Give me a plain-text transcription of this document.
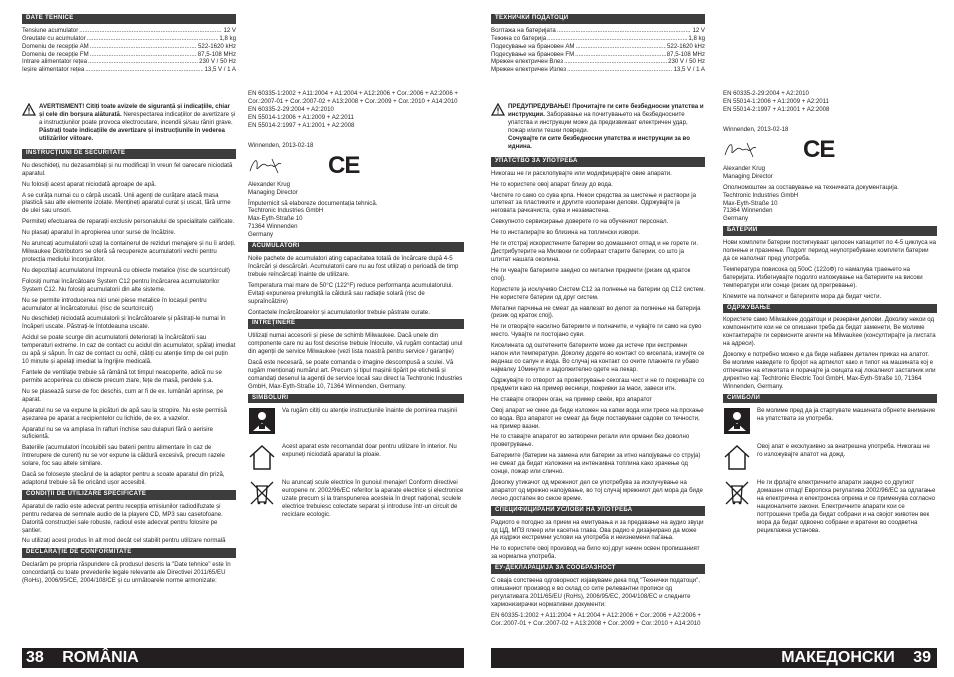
DATE TEHNICE
Tensiune acumulator .....	12 V
Greutate cu acumulator .....	1,8 kg
Domeniu de recepție AM .....	522-1620 kHz
Domeniu de recepție FM .....	87,5-108 MHz
Intrare alimentator rețea .....	230 V / 50 Hz
Ieșire alimentator rețea .....	13,5 V / 1 A
AVERTISMENT! Citiți toate avizele de siguranță și indicațiile, chiar și cele din borșura alăturată. Nerespectarea indicațiilor de avertizare și a instrucțiunilor poate provoca electrocutare, incendii și/sau răniri grave.
Păstrați toate indicațiile de avertizare și instrucțiunile în vederea utilizărilor viitoare.
INSTRUCȚIUNI DE SECURITATE

Nu deschideți, nu dezasamblați și nu modificați în vreun fel oarecare niciodată aparatul.

Nu folosiți acest aparat niciodată aproape de apă.

A se curăța numai cu o cârpă uscată. Unii agenți de curățare atacă masa plastică sau alte elemente izolate. Mențineți aparatul curat și uscat, fără urme de ulei sau unsori.

Permiteți efectuarea de reparații exclusiv personalului de specialitate calificate.

Nu plasați aparatul în apropierea unor surse de încălzire.

Nu aruncați acumulatorii uzați la containerul de reziduri menajere și nu îi ardeți. Milwaukee Distributors se oferă să recupereze acumulatorii vechi pentru protecția mediului înconjurător.

Nu depozitați acumulatorul împreună cu obiecte metalice (risc de scurtcircuit)

Folosiți numai încărcătoare System C12 pentru încărcarea acumulatorilor System C12. Nu folosiți acumulatorii din alte sisteme.

Nu se permite introducerea nici unei piese metalice în locașul pentru acumulator al încărcatorului. (risc de scurtcircuit)

Nu deschideți niciodată acumulatorii și încărcătoarele și păstrați-le numai în încăperi uscate. Păstrați-le întotdeauna uscate.

Acidul se poate scurge din acumulatorii deteriorați la încărcătorii sau temperaturi extreme. In caz de contact cu acidul din acumulator, spălați imediat cu apă și săpun. În caz de contact cu ochii, clătiți cu atenție timp de cel puțin 10 minute și apelați imediat la îngrijire medicală.

Fantele de ventilație trebuie să rămână tot timpul neacoperite, adică nu se permite acoperirea cu obiecte precum ziare, fețe de masă, perdele ș.a.

Nu se plasează surse de foc deschis, cum ar fi de ex. lumânări aprinse, pe aparat.

Aparatul nu se va expune la picături de apă sau la stropire. Nu este permisă așezarea pe aparat a recipientelor cu lichide, de ex. a vazelor.

Aparatul nu se va amplasa în rafturi închise sau dulapuri fără o aerisire suficientă.

Bateriile (acumulatori încoluibili sau baterii pentru alimentare în caz de întrerupere de curent) nu se vor expune la căldură excesivă, precum razele solare, foc sau altele similare.

Dacă se folosește ștecărul de la adaptor pentru a scoate aparatul din priză, adaptorul trebuie să fie oricând ușor accesibil.

CONDIȚII DE UTILIZARE SPECIFICATE

Aparatul de radio este adecvat pentru recepția emisiunilor radiodifuzate și pentru redarea de semnale audio de la playere CD, MP3 sau casetofoane. Datorită construcției sale robuste, radioul este adecvat pentru folosire pe șantier.

Nu utilizați acest produs în alt mod decât cel stabilit pentru utilizare normală

DECLARAȚIE DE CONFORMITATE

Declarăm pe propria răspundere că produsul descris la "Date tehnice" este în concordanță cu toate prevederile legale relevante ale Directivei 2011/65/EU (RoHs), 2006/95/CE, 2004/108/CE și cu următoarele norme armonizate:

EN 60335-1:2002 + A11:2004 + A1:2004 + A12:2006 + Cor.:2006 + A2:2006 + Cor.:2007-01 + Cor.:2007-02 + A13:2008 + Cor.:2009 + Cor.:2010 + A14:2010
EN 60335-2-29:2004 + A2:2010
EN 55014-1:2006 + A1:2009 + A2:2011
EN 55014-2:1997 + A1:2001 + A2:2008
Winnenden, 2013-02-18
CE
Alexander Krug
Managing Director
Împuternicit să elaboreze documentația tehnică.
Techtronic Industries GmbH
Max-Eyth-Straße 10
71364 Winnenden
Germany
ACUMULATORI

Noile pachete de acumulatori ating capacitatea totală de încărcare după 4-5 încărcări și descărcări. Acumulatorii care nu au fost utilizați o perioadă de timp trebuie reîncărcați înainte de utilizare.

Temperatura mai mare de 50°C (122°F) reduce performanța acumulatorului. Evitați expunerea prelungită la căldură sau radiație solară (risc de supraîncălzire)

Contactele încărcătoarelor și acumulatorilor trebuie păstrate curate.

ÎNTREȚINERE

Utilizați numai accesorii și piese de schimb Milwaukee. Dacă unele din componente care nu au fost descrise trebuie înlocuite, vă rugăm contactați unul din agenții de service Milwaukee (vezi lista noastră pentru service / garanție)

Dacă este necesară, se poate comanda o imagine descompusă a sculei. Vă rugăm menționați numărul art. Precum și tipul mașinii tipărit pe etichetă și comandați desenul la agenții de service locali sau direct la Techtronic Industries GmbH, Max-Eyth-Straße 10, 71364 Winnenden, Germany.

SIMBOLURI
Va rugăm citiți cu atenție instrucțiunile înainte de pornirea mașinii
Acest aparat este recomandat doar pentru utilizare în interior. Nu expuneți niciodată aparatul la ploaie.
Nu aruncați scule electrice în gunoiul menajer! Conform directivei europene nr. 2002/96/EC referitor la aparate electrice și electronice uzate precum și la transpunerea acesteia în drept național, sculele electrice trebuiesc colectate separat și introduse într-un circuit de reciclare ecologic.
ТЕХНИЧКИ ПОДАТОЦИ
Волтажа на батеријата .....	12 V
Тежина со батерија .....	1,8 kg
Подесување на брановен AM .....	522-1620 kHz
Подесување на брановен FM .....	87,5-108 MHz
Мрежен електричен Влез .....	230 V / 50 Hz
Мрежен електричен Излез .....	13,5 V / 1 A
ПРЕДУПРЕДУВАЊЕ! Прочитајте ги сите безбедносни упатства и инструкции. Заборавање на почитувањето на безбедносните упатства и инструкции може да предизвикаат електричен удар, пожар и/или тешки повреди.
Сочувајте ги сите безбедносни упатства и инструкции за во иднина.
УПАТСТВО ЗА УПОТРЕБА

Никогаш не ги расклопувајте или модифицирајте овие апарати.

Не го користете овој апарат близу до вода.

Чистете го само со сува крпа. Некои средства за шистење и раствори ја штетеат за пластиките и другите изолирани делови. Одржувајте ја неговата рачкачиста, сува и незамастена.

Севкупното сервисирање доверете го на обучениот персонал.

Не го инсталирајте во близина на топлински извори.

Не ги отстрај искористените батерии во домашниот отпад и не горете ги. Дистрибутерите на Милвоки ги собираат старите батерии, со што ја штитат нашата околина.

Не ги чувајте батериите заедно со метални предмети (ризик од краток спој).

Користете ја исклучиво Систем C12 за полнење на батерии од C12 систем. Не користете батерии од друг систем.

Метални парчиња не смеат да навлезат во делот за полнење на батерија (ризик од краток спој).

Не ги отворајте насилно батериите и полначите, и чувајте ги само на суво место. Чувајте ги постојано суви.

Киселината од оштетените батериите може да истече при екстремни напон или температури. Доколку додете во контакт со киселата, измијте се веднаш со сапун и вода. Во случај на контакт со очите плакнете ги убаво најмалку 10минути и задолжително одете на лекар.

Одржувајте го отворот за проветрување секогаш чист и не го покривајте со предмети како на пример весници, покривки за маси, завеси итн.

Не ставајте отворен оган, на пример свеќи, врз апаратот

Овој апарат не смее да биде изложен на капки вода или тресе на прскање со вода. Врз апаратот не смеат да биде поставувани садови со течности, на пример вазни.

Не го ставајте апаратот во затворени регали или ормани без доволно проветрување.

Батериите (батерии на замена или батерии за итно напојување со струја) не смеат да бидат изложени на интензивна топлина како зрачење од сонце, пожар или слично.

Доколку утикачот од мрежниот дел се употребува за исклучување на апаратот од мрежно напојување, во тој случај мрежниот дел мора да биде лесно достапен во секое време.

СПЕЦИФИЦИРАНИ УСЛОВИ НА УПОТРЕБА

Радиото е погодно за прием на емитувања и за предавање на аудио звуци од ЦД, МП3 плеер или касетна глава. Ова радио е дизајнирано да може да издржи екстремни услови на употреба и неизнемени паѓања.

Не го користете овој производ на било кој друг начин освен пропишаният за нормална употреба.

ЕУ-ДЕКЛАРАЦИЈА ЗА СООБРАЗНОСТ

С оваја сопствена одговорност изјавуваме дека под "Технички податоци", опишаниот производ е во склад со сите релевантни прописи од регулативата 2011/65/EU (RoHs), 2006/95/ЕС, 2004/108/ЕС и следните хармонизирачки нормативни документи:

EN 60335-1:2002 + A11:2004 + A1:2004 + A12:2006 + Cor.:2006 + A2:2006 + Cor.:2007-01 + Cor.:2007-02 + A13:2008 + Cor.:2009 + Cor.:2010 + A14:2010

EN 60335-2-29:2004 + A2:2010
EN 55014-1:2006 + A1:2009 + A2:2011
EN 55014-2:1997 + A1:2001 + A2:2008
Winnenden, 2013-02-18
CE
Alexander Krug
Managing Director
Ополномоштен за составување на техничката документација.
Techtronic Industries GmbH
Max-Eyth-Straße 10
71364 Winnenden
Germany
БАТЕРИИ

Нови комплети батерии постигнуваат целосен капацитет по 4-5 циклуса на полнење и празнење. Подолг период неупотребувани комплети батерии да се наполнат пред употреба.

Температура повисока од 50оС (122оФ) го намалува траењето на батеријата. Избегнувајте подолго изложување на батериите на високи температури или сонце (ризик од прегревање).

Клемите на полначот и батериите мора да бидат чисти.

ОДРЖУВАЊЕ

Користете само Milwaukee додатоци и резервни делови. Доколку некои од компонентите кои не се опишани треба да бидат заменети, Ве молиме контактирајте ги сервисните агенти на Milwaukee (консултирајте ја листата на адреси).

Доколку е потребно можно е да биде набавен детален приказ на алатот. Ве молиме наведете го бројот на артиклот како и типот на машината кој е отпечатен на етикетата и порачајте ја скицата кај локалниот застапник или директно кај: Techtronic Electric Tool GmbH, Max-Eyth-Straße 10, 71364 Winnenden, Germany.

СИМБОЛИ
Ве молиме пред да ја стартувате машината обрнете внимание на упатствата за употреба.
Овој апат е ексклузивно за внатрешна употреба. Никогаш не го изложувајте апатот на дожд.
Не ги фрлајте електричните апарати заедно со другиот домашен отпад! Европска регулатива 2002/96/ЕС за одлагање на електрична и електронска опрема и се применува согласно националните закони. Електричните апарати кои се поттрошени треба да бидат собрани и на својот животен век мора да бидат одвоено собрани и вратени во соодветна рециклажна установа.
38 ROMÂNIA	МАКЕДОНСКИ 39
